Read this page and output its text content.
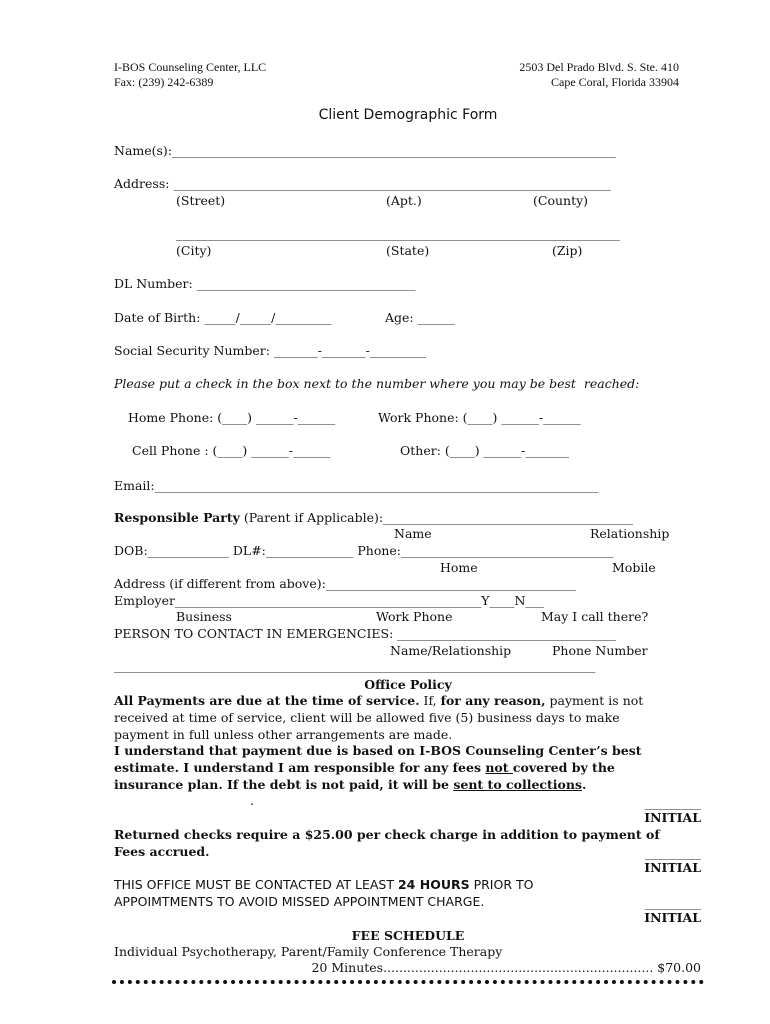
I-BOS Counseling Center, LLC
Fax: (239) 242-6389
2503 Del Prado Blvd. S. Ste. 410
Cape Coral, Florida 33904
Client Demographic Form
Name(s):_______________________________________________________________________
Address: ______________________________________________________________________
(Street)	(Apt.)	(County)
_______________________________________________________________________
(City)	(State)	(Zip)
DL Number: ___________________________________
Date of Birth: _____/_____/_________	Age: ______
Social Security Number: _______-_______-_________
Please put a check in the box next to the number where you may be best  reached:
Home Phone: (____) ______-______	Work Phone: (____) ______-______
Cell Phone : (____) ______-______	Other: (____) ______-_______
Email:_______________________________________________________________________
Responsible Party (Parent if Applicable):________________________________________
Name	Relationship
DOB:_____________ DL#:______________ Phone:__________________________________
Home	Mobile
Address (if different from above):________________________________________
Employer_________________________________________________Y____N___
Business	Work Phone	May I call there?
PERSON TO CONTACT IN EMERGENCIES: ___________________________________
Name/Relationship	Phone Number
_____________________________________________________________________________
Office Policy
All Payments are due at the time of service. If, for any reason, payment is not
received at time of service, client will be allowed five (5) business days to make
payment in full unless other arrangements are made.
I understand that payment due is based on I-BOS Counseling Center’s best
estimate. I understand I am responsible for any fees not covered by the
insurance plan. If the debt is not paid, it will be sent to collections.
.	_________
INITIAL
Returned checks require a $25.00 per check charge in addition to payment of
Fees accrued.	_________
INITIAL
THIS OFFICE MUST BE CONTACTED AT LEAST 24 HOURS PRIOR TO
APPOIMTMENTS TO AVOID MISSED APPOINTMENT CHARGE.	_________
INITIAL
FEE SCHEDULE
Individual Psychotherapy, Parent/Family Conference Therapy
20 Minutes.................................................................... $70.00
